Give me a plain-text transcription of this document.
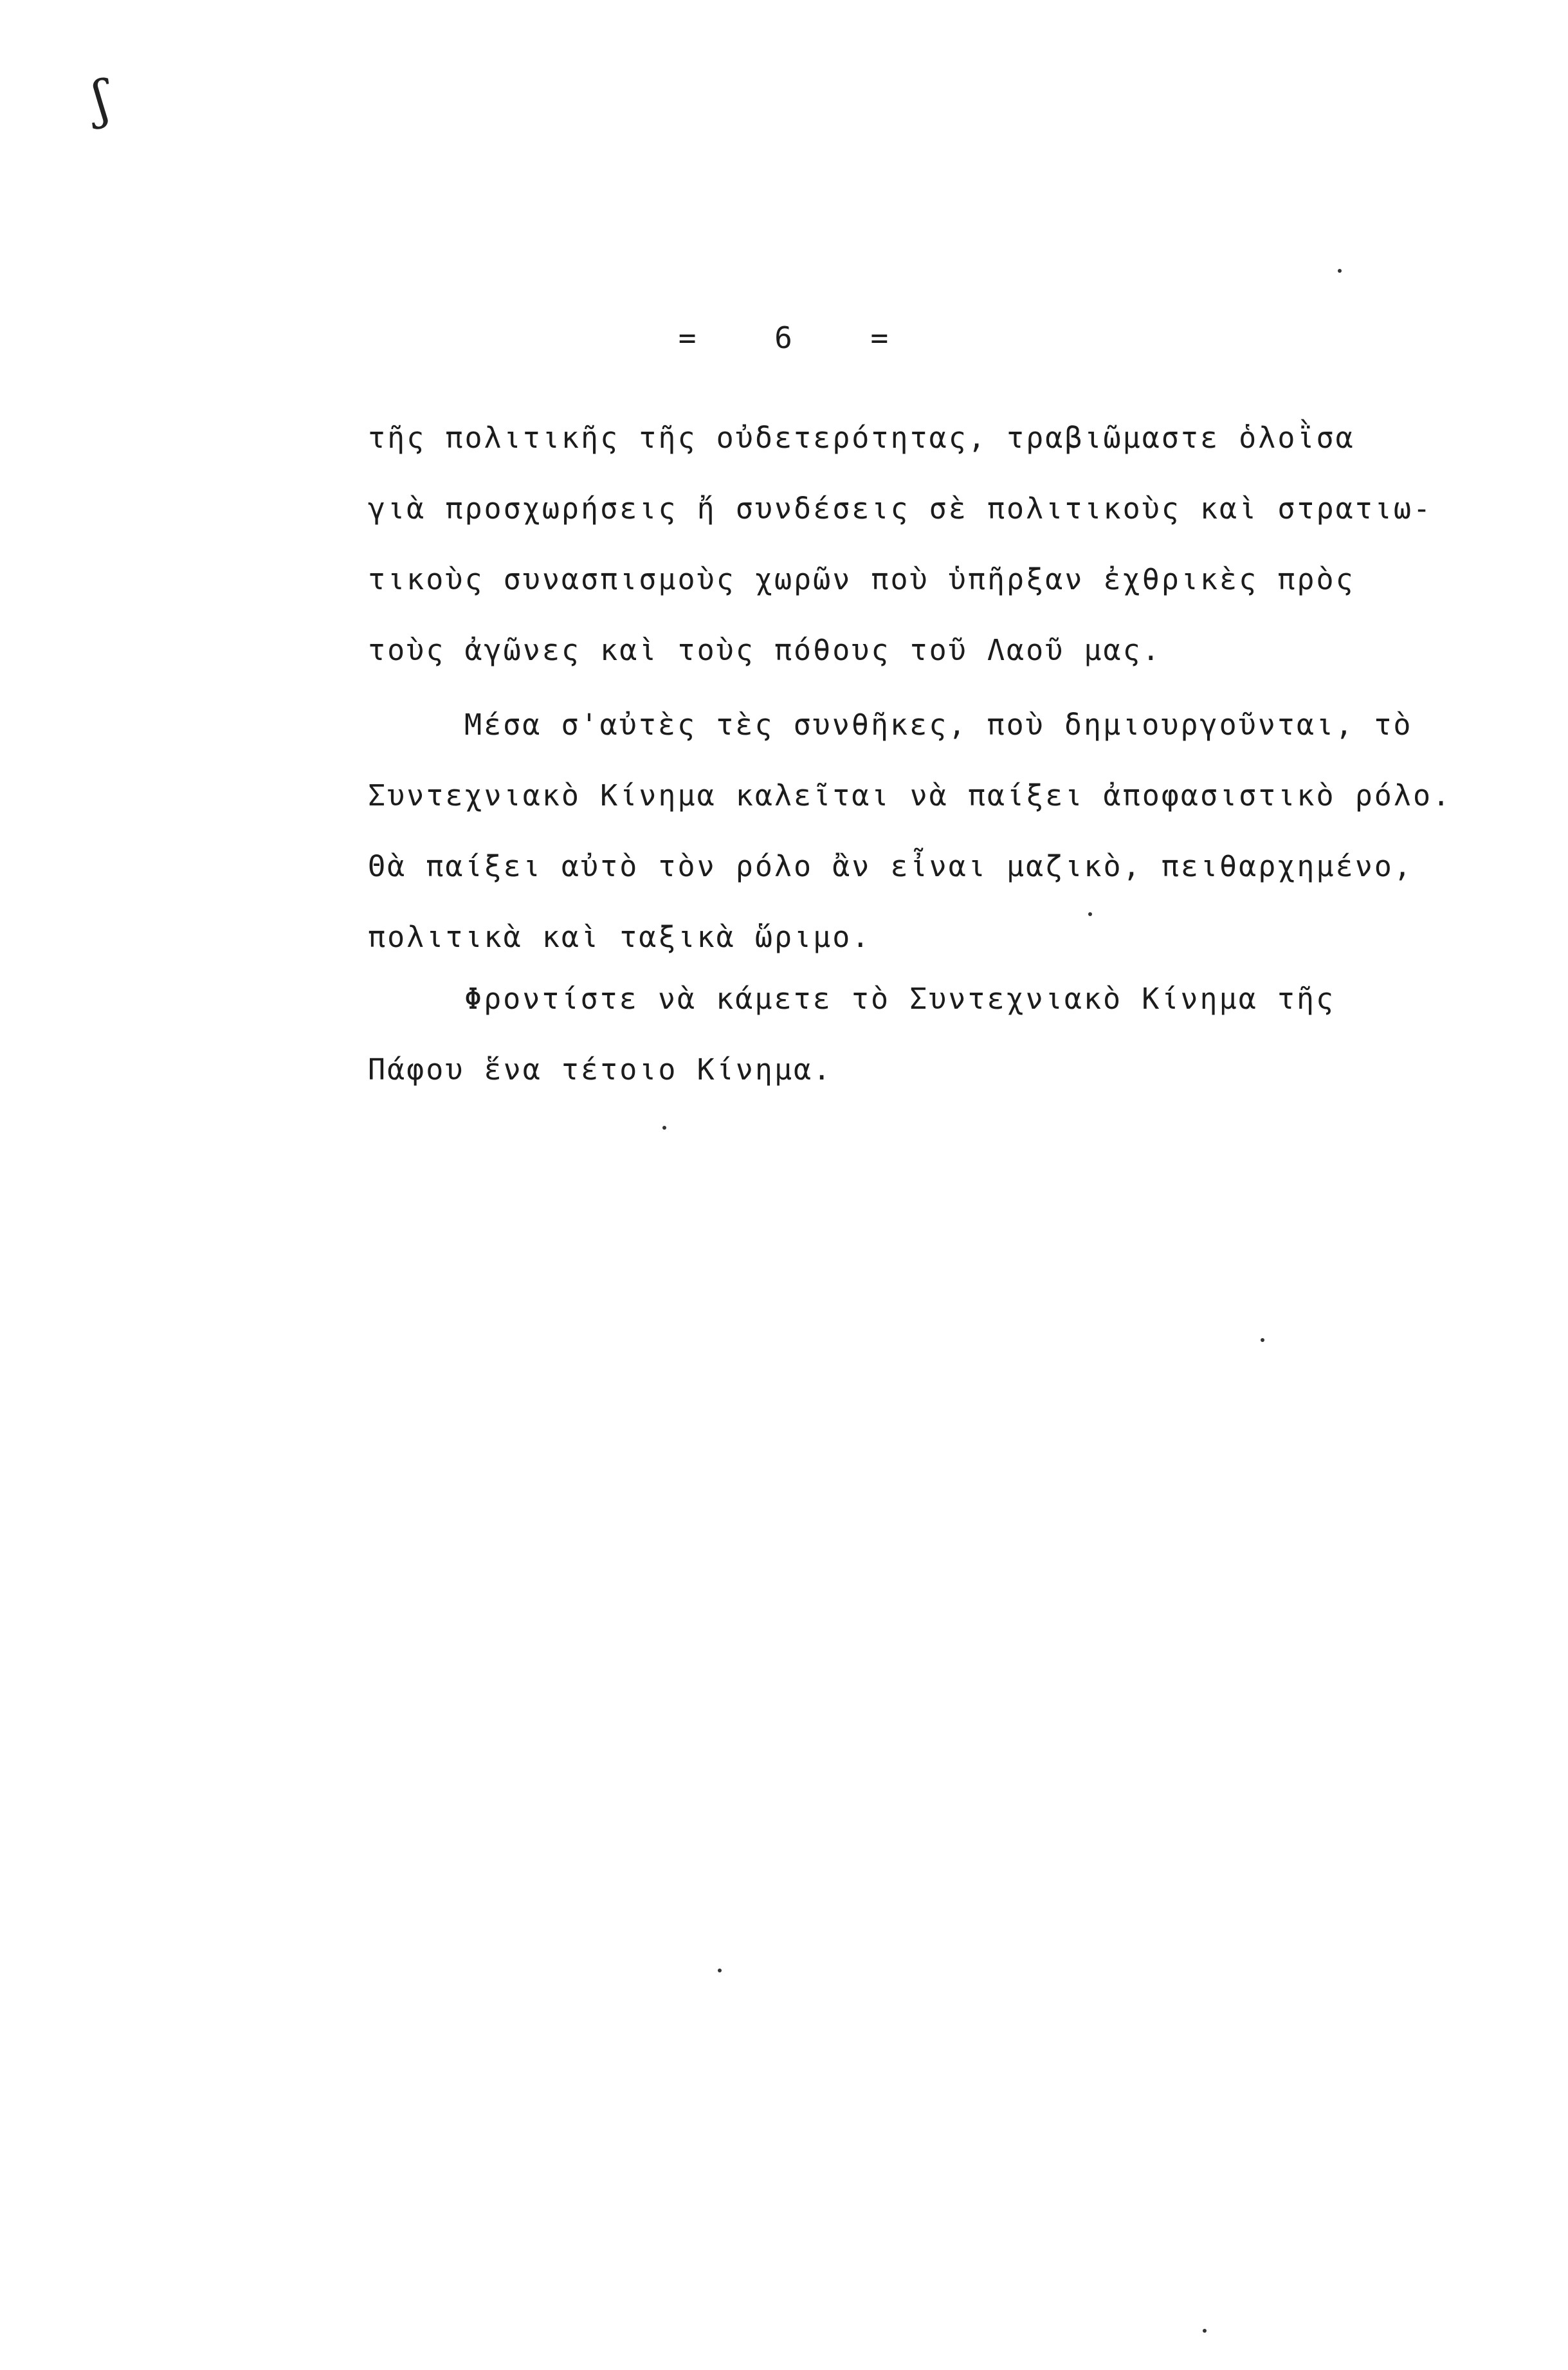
ʃ
=	6	=
τῆς πολιτικῆς τῆς οὐδετερότητας, τραβιῶμαστε ὁλοῒσα
γιὰ προσχωρήσεις ἤ συνδέσεις σὲ πολιτικοὺς καὶ στρατιω-
τικοὺς συνασπισμοὺς χωρῶν ποὺ ὑπῆρξαν ἐχθρικὲς πρὸς
τοὺς ἀγῶνες καὶ τοὺς πόθους τοῦ Λαοῦ μας.
Μέσα σ'αὐτὲς τὲς συνθῆκες, ποὺ δημιουργοῦνται, τὸ
Συντεχνιακὸ Κίνημα καλεῖται νὰ παίξει ἀποφασιστικὸ ρόλο.
Θὰ παίξει αὐτὸ τὸν ρόλο ἂν εἶναι μαζικὸ, πειθαρχημένο,
πολιτικὰ καὶ ταξικὰ ὥριμο.
Φροντίστε νὰ κάμετε τὸ Συντεχνιακὸ Κίνημα τῆς
Πάφου ἕνα τέτοιο Κίνημα.
